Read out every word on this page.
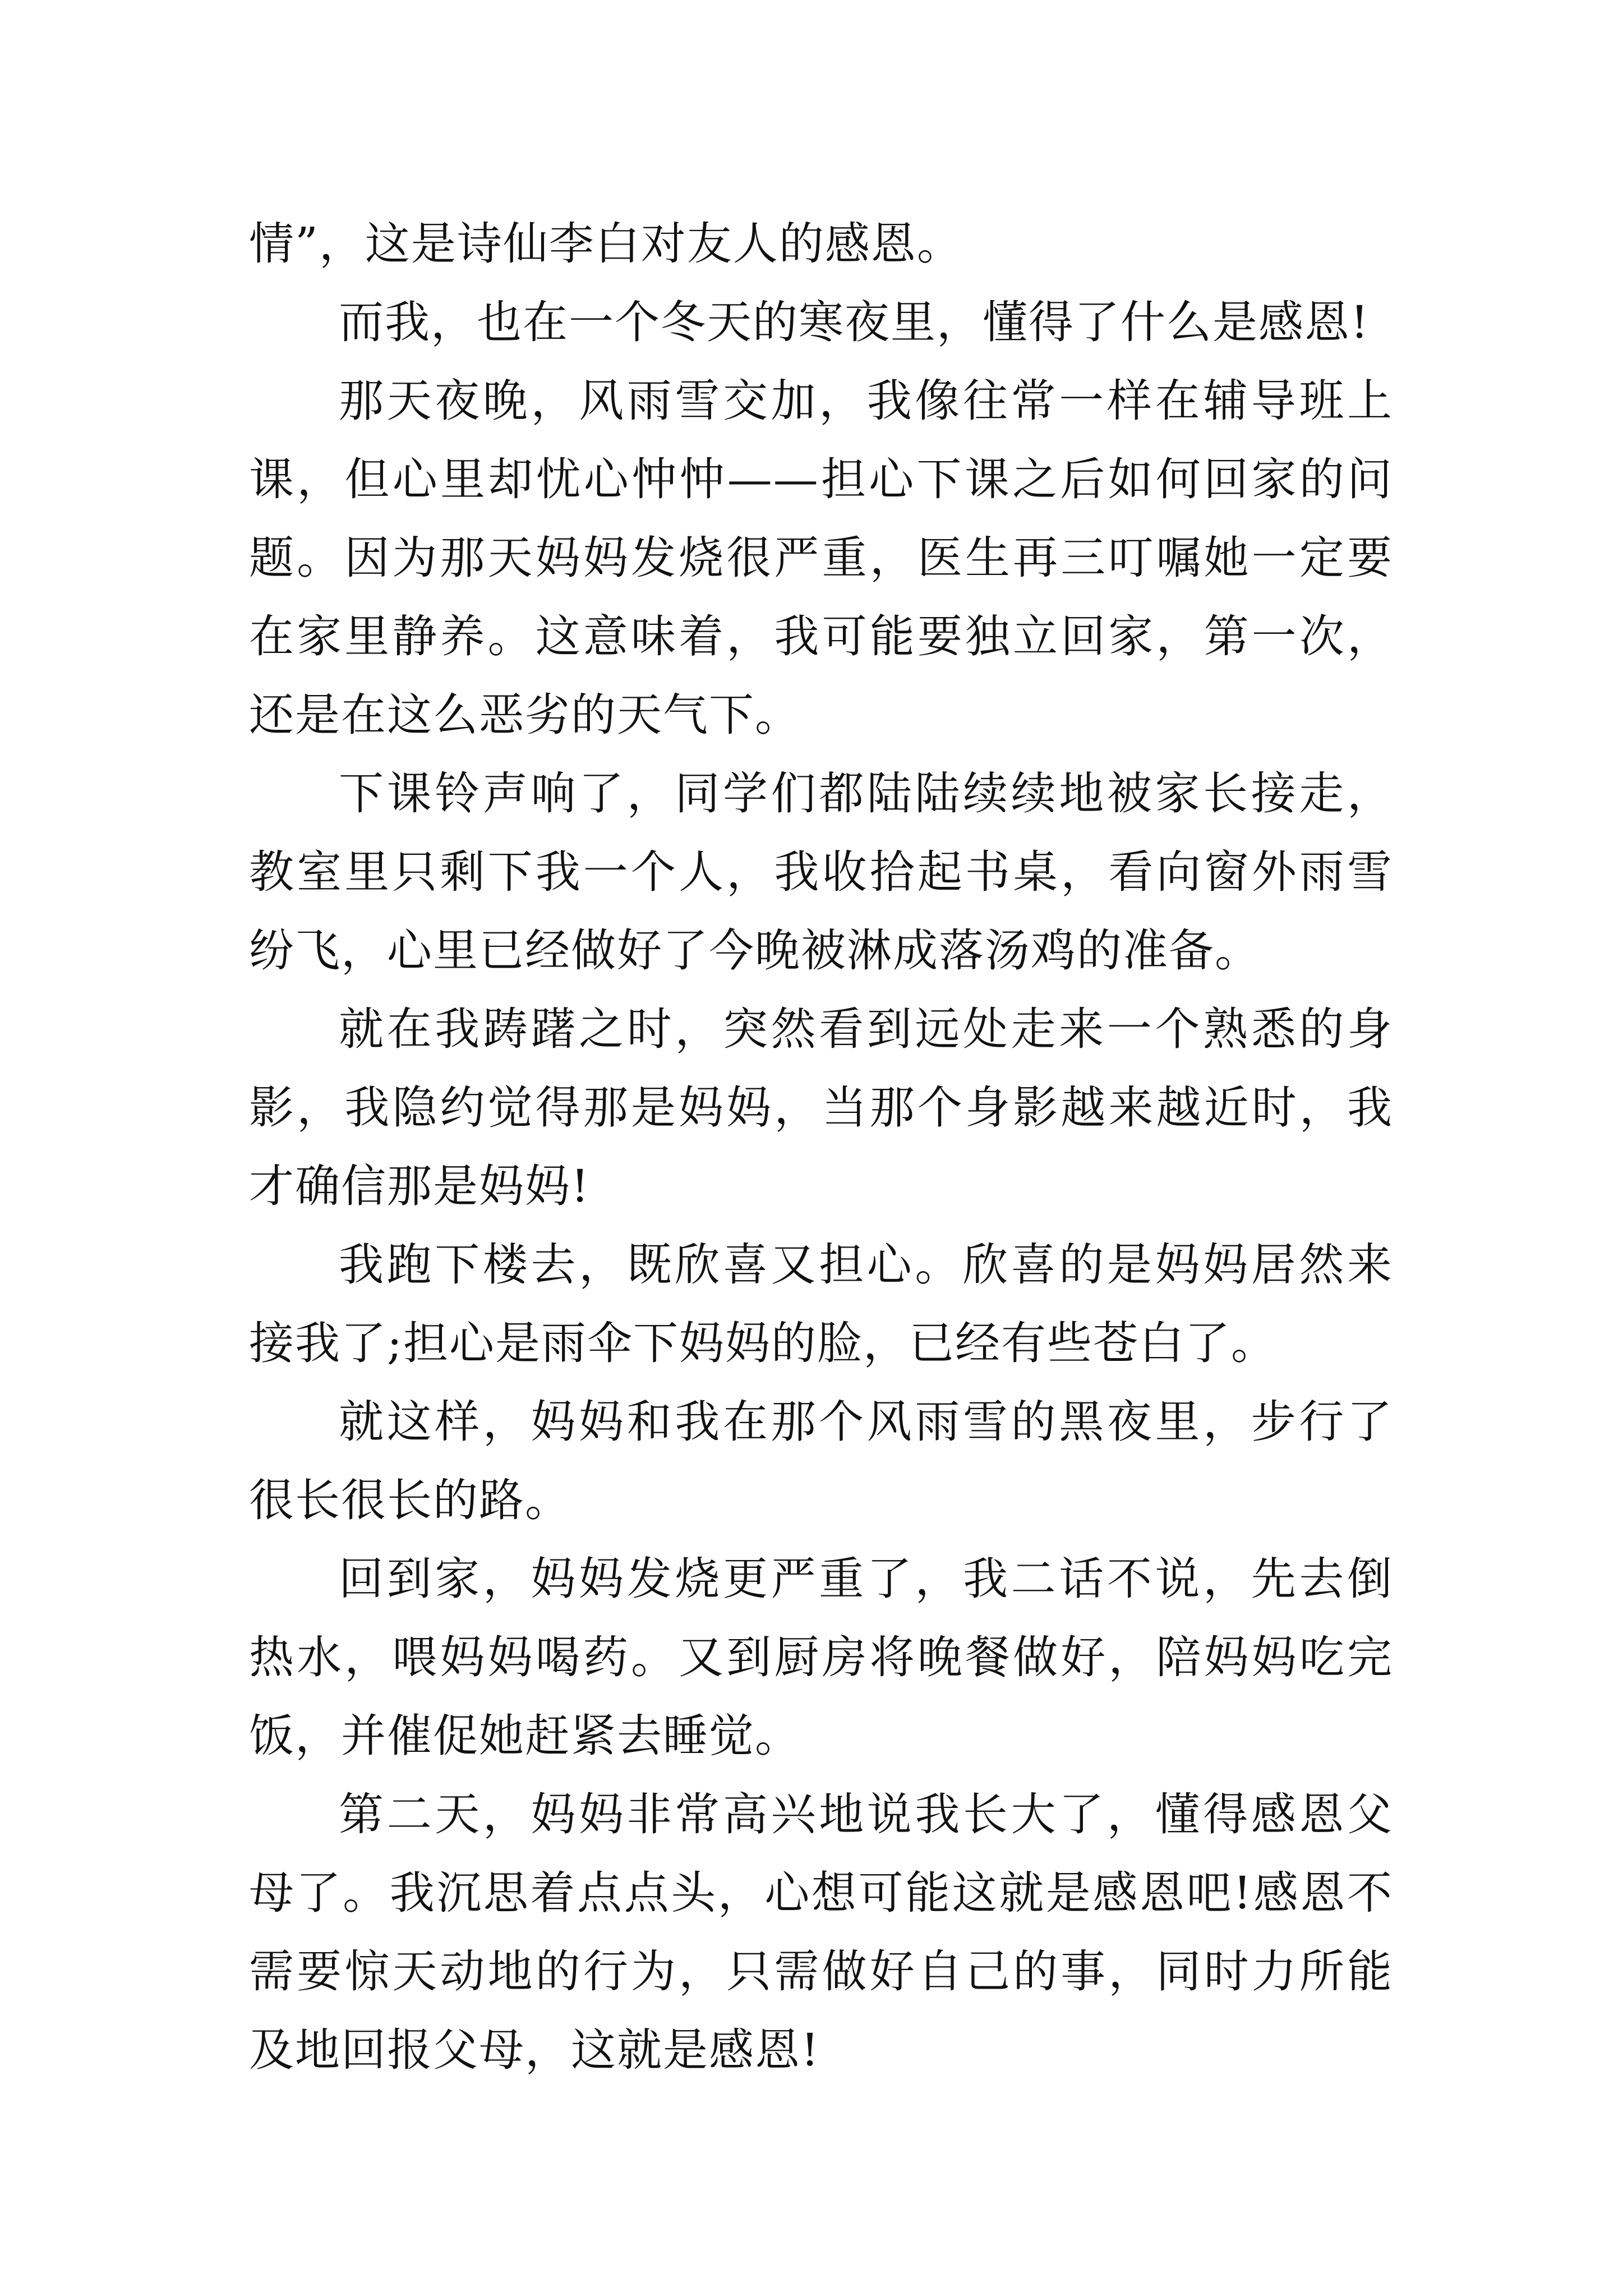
情”，这是诗仙李白对友人的感恩。

而我，也在一个冬天的寒夜里，懂得了什么是感恩!

那天夜晚，风雨雪交加，我像往常一样在辅导班上课，但心里却忧心忡忡——担心下课之后如何回家的问题。因为那天妈妈发烧很严重，医生再三叮嘱她一定要在家里静养。这意味着，我可能要独立回家，第一次，还是在这么恶劣的天气下。

下课铃声响了，同学们都陆陆续续地被家长接走，教室里只剩下我一个人，我收拾起书桌，看向窗外雨雪纷飞，心里已经做好了今晚被淋成落汤鸡的准备。

就在我踌躇之时，突然看到远处走来一个熟悉的身影，我隐约觉得那是妈妈，当那个身影越来越近时，我才确信那是妈妈!

我跑下楼去，既欣喜又担心。欣喜的是妈妈居然来接我了;担心是雨伞下妈妈的脸，已经有些苍白了。

就这样，妈妈和我在那个风雨雪的黑夜里，步行了很长很长的路。

回到家，妈妈发烧更严重了，我二话不说，先去倒热水，喂妈妈喝药。又到厨房将晚餐做好，陪妈妈吃完饭，并催促她赶紧去睡觉。

第二天，妈妈非常高兴地说我长大了，懂得感恩父母了。我沉思着点点头，心想可能这就是感恩吧!感恩不需要惊天动地的行为，只需做好自己的事，同时力所能及地回报父母，这就是感恩!
